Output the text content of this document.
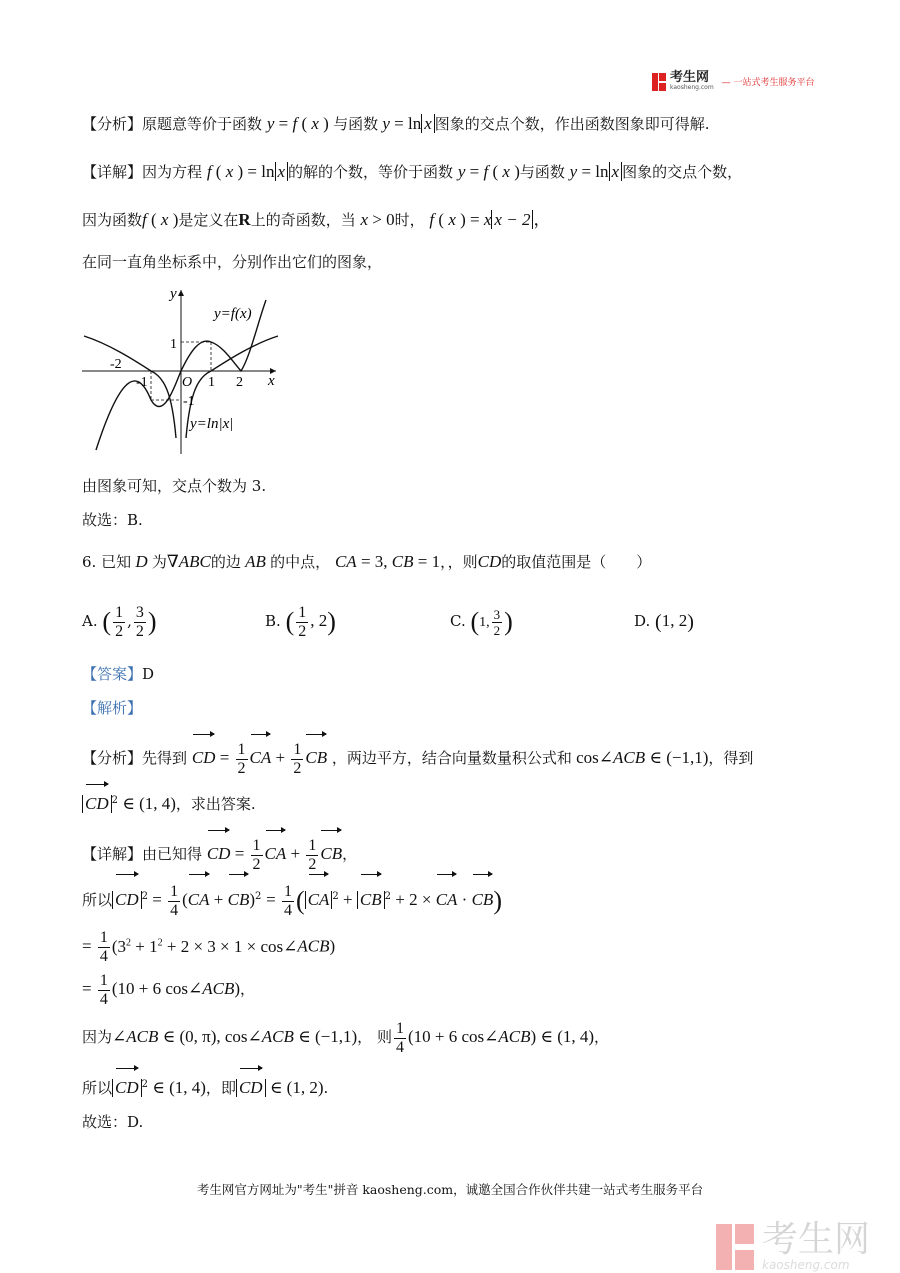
考生网
kaosheng.com — 一站式考生服务平台
【分析】原题意等价于函数 y = f ( x ) 与函数 y = ln x 图象的交点个数，作出函数图象即可得解.
【详解】因为方程 f ( x ) = ln x 的解的个数，等价于函数 y = f ( x )与函数 y = ln x 图象的交点个数，
因为函数f ( x )是定义在R上的奇函数，当 x > 0时， f ( x ) = x x − 2 ，
在同一直角坐标系中，分别作出它们的图象，
y
x
O
y=f(x)
y=ln|x|
-2
-1	1 2
1
-1
由图象可知，交点个数为 3.
故选：B.
6. 已知 D 为∇ABC的边 AB 的中点， CA = 3, CB = 1，，则CD的取值范围是（　　）
A. ( $\frac{1}{2}$ , $\frac{3}{2}$ )	B. ( $\frac{1}{2}$ , 2)	C. (1, $\frac{3}{2}$ )	D. (1, 2)
【答案】D
【解析】
【分析】先得到 CD = $\frac{1}{2}$ CA + $\frac{1}{2}$ CB ，两边平方，结合向量数量积公式和 cos∠ACB ∈ (−1,1)，得到
CD $^2$ ∈ (1, 4)，求出答案.
【详解】由已知得 CD = $\frac{1}{2}$ CA + $\frac{1}{2}$ CB，
所以 CD $^2 = \frac{1}{4} (CA + CB)^2 = \frac{1}{4}$ ( CA $^2$ + CB $^2$ + 2 × CA · CB)
= $\frac{1}{4} (3^2 + 1^2 + 2 \times 3 \times 1$ × cos∠ACB)
= $\frac{1}{4} (10 + 6$ cos∠ACB)，
因为∠ACB ∈ (0, π), cos∠ACB ∈ (−1,1)， 则 $\frac{1}{4} (10 + 6$ cos∠ACB) ∈ (1, 4)，
所以 CD $^2$ ∈ (1, 4)，即 CD ∈ (1, 2).
故选：D.
考生网官方网址为"考生"拼音 kaosheng.com，诚邀全国合作伙伴共建一站式考生服务平台
考生网
kaosheng.com
